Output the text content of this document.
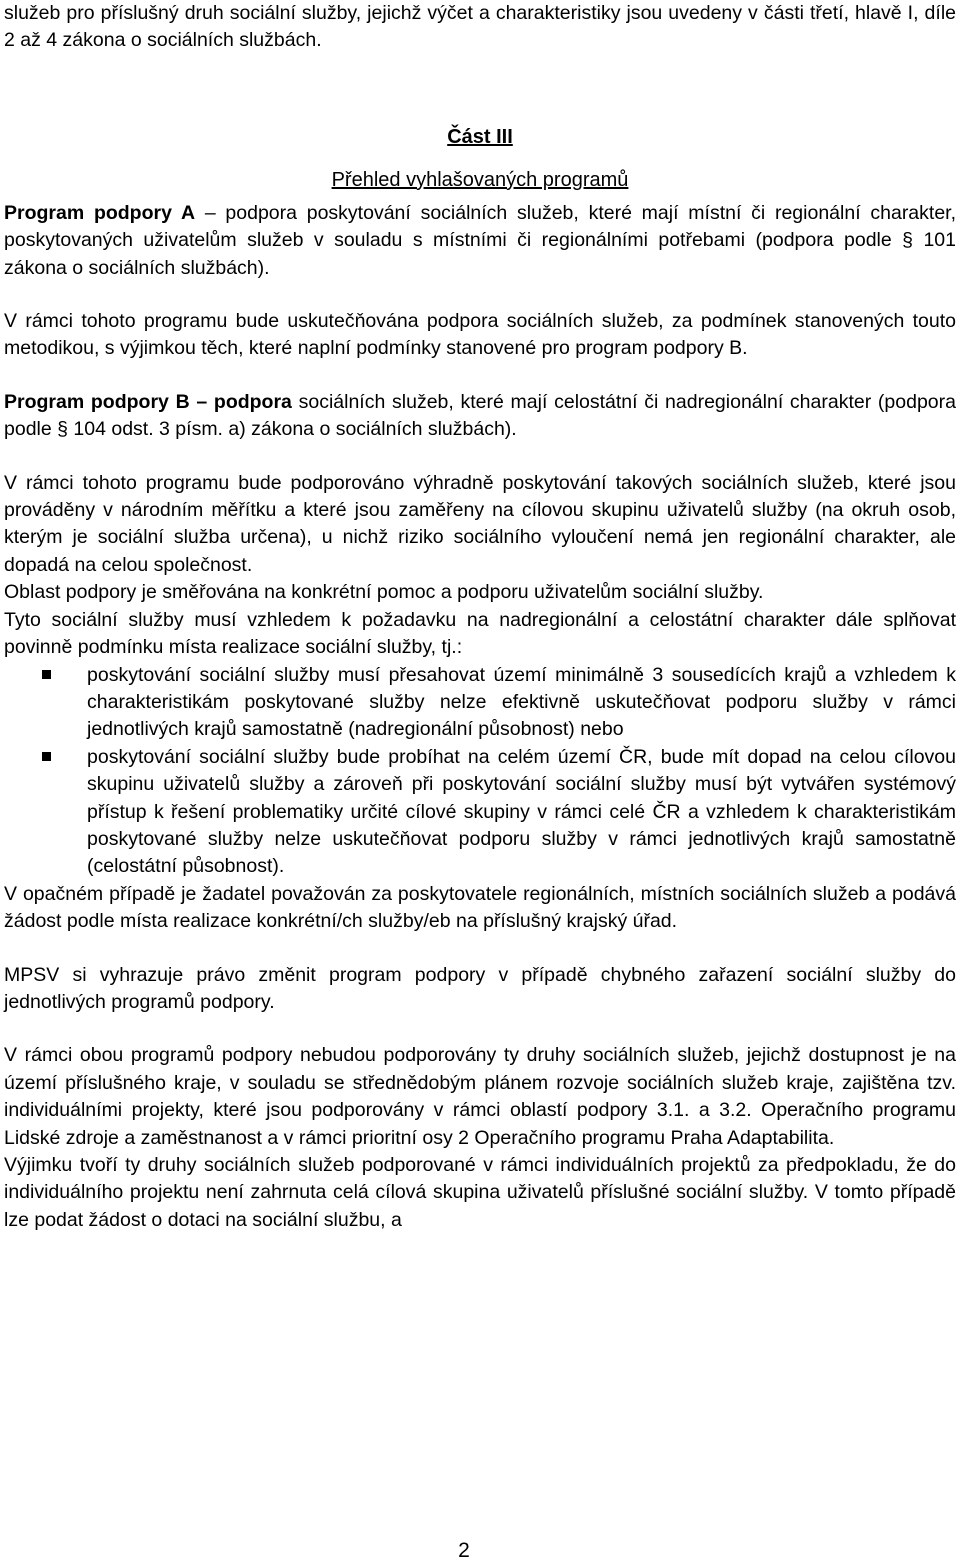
služeb pro příslušný druh sociální služby, jejichž výčet a charakteristiky jsou uvedeny v části třetí, hlavě I, díle 2 až 4 zákona o sociálních službách.

Část III
Přehled vyhlašovaných programů

Program podpory A – podpora poskytování sociálních služeb, které mají místní či regionální charakter, poskytovaných uživatelům služeb v souladu s místními či regionálními potřebami (podpora podle § 101 zákona o sociálních službách).

V rámci tohoto programu bude uskutečňována podpora sociálních služeb, za podmínek stanovených touto metodikou, s výjimkou těch, které naplní podmínky stanovené pro program podpory B.

Program podpory B – podpora sociálních služeb, které mají celostátní či nadregionální charakter (podpora podle § 104 odst. 3 písm. a) zákona o sociálních službách).

V rámci tohoto programu bude podporováno výhradně poskytování takových sociálních služeb, které jsou prováděny v národním měřítku a které jsou zaměřeny na cílovou skupinu uživatelů služby (na okruh osob, kterým je sociální služba určena), u nichž riziko sociálního vyloučení nemá jen regionální charakter, ale dopadá na celou společnost.

Oblast podpory je směřována na konkrétní pomoc a podporu uživatelům sociální služby.

Tyto sociální služby musí vzhledem k požadavku na nadregionální a celostátní charakter dále splňovat povinně podmínku místa realizace sociální služby, tj.:

poskytování sociální služby musí přesahovat území minimálně 3 sousedících krajů a vzhledem k charakteristikám poskytované služby nelze efektivně uskutečňovat podporu služby v rámci jednotlivých krajů samostatně (nadregionální působnost) nebo
poskytování sociální služby bude probíhat na celém území ČR, bude mít dopad na celou cílovou skupinu uživatelů služby a zároveň při poskytování sociální služby musí být vytvářen systémový přístup k řešení problematiky určité cílové skupiny v rámci celé ČR a vzhledem k charakteristikám poskytované služby nelze uskutečňovat podporu služby v rámci jednotlivých krajů samostatně (celostátní působnost).

V opačném případě je žadatel považován za poskytovatele regionálních, místních sociálních služeb a podává žádost podle místa realizace konkrétní/ch služby/eb na příslušný krajský úřad.

MPSV si vyhrazuje právo změnit program podpory v případě chybného zařazení sociální služby do jednotlivých programů podpory.

V rámci obou programů podpory nebudou podporovány ty druhy sociálních služeb, jejichž dostupnost je na území příslušného kraje, v souladu se střednědobým plánem rozvoje sociálních služeb kraje, zajištěna tzv. individuálními projekty, které jsou podporovány v rámci oblastí podpory 3.1. a 3.2. Operačního programu Lidské zdroje a zaměstnanost a v rámci prioritní osy 2 Operačního programu Praha Adaptabilita.

Výjimku tvoří ty druhy sociálních služeb podporované v rámci individuálních projektů za předpokladu, že do individuálního projektu není zahrnuta celá cílová skupina uživatelů příslušné sociální služby. V tomto případě lze podat žádost o dotaci na sociální službu, a

2
